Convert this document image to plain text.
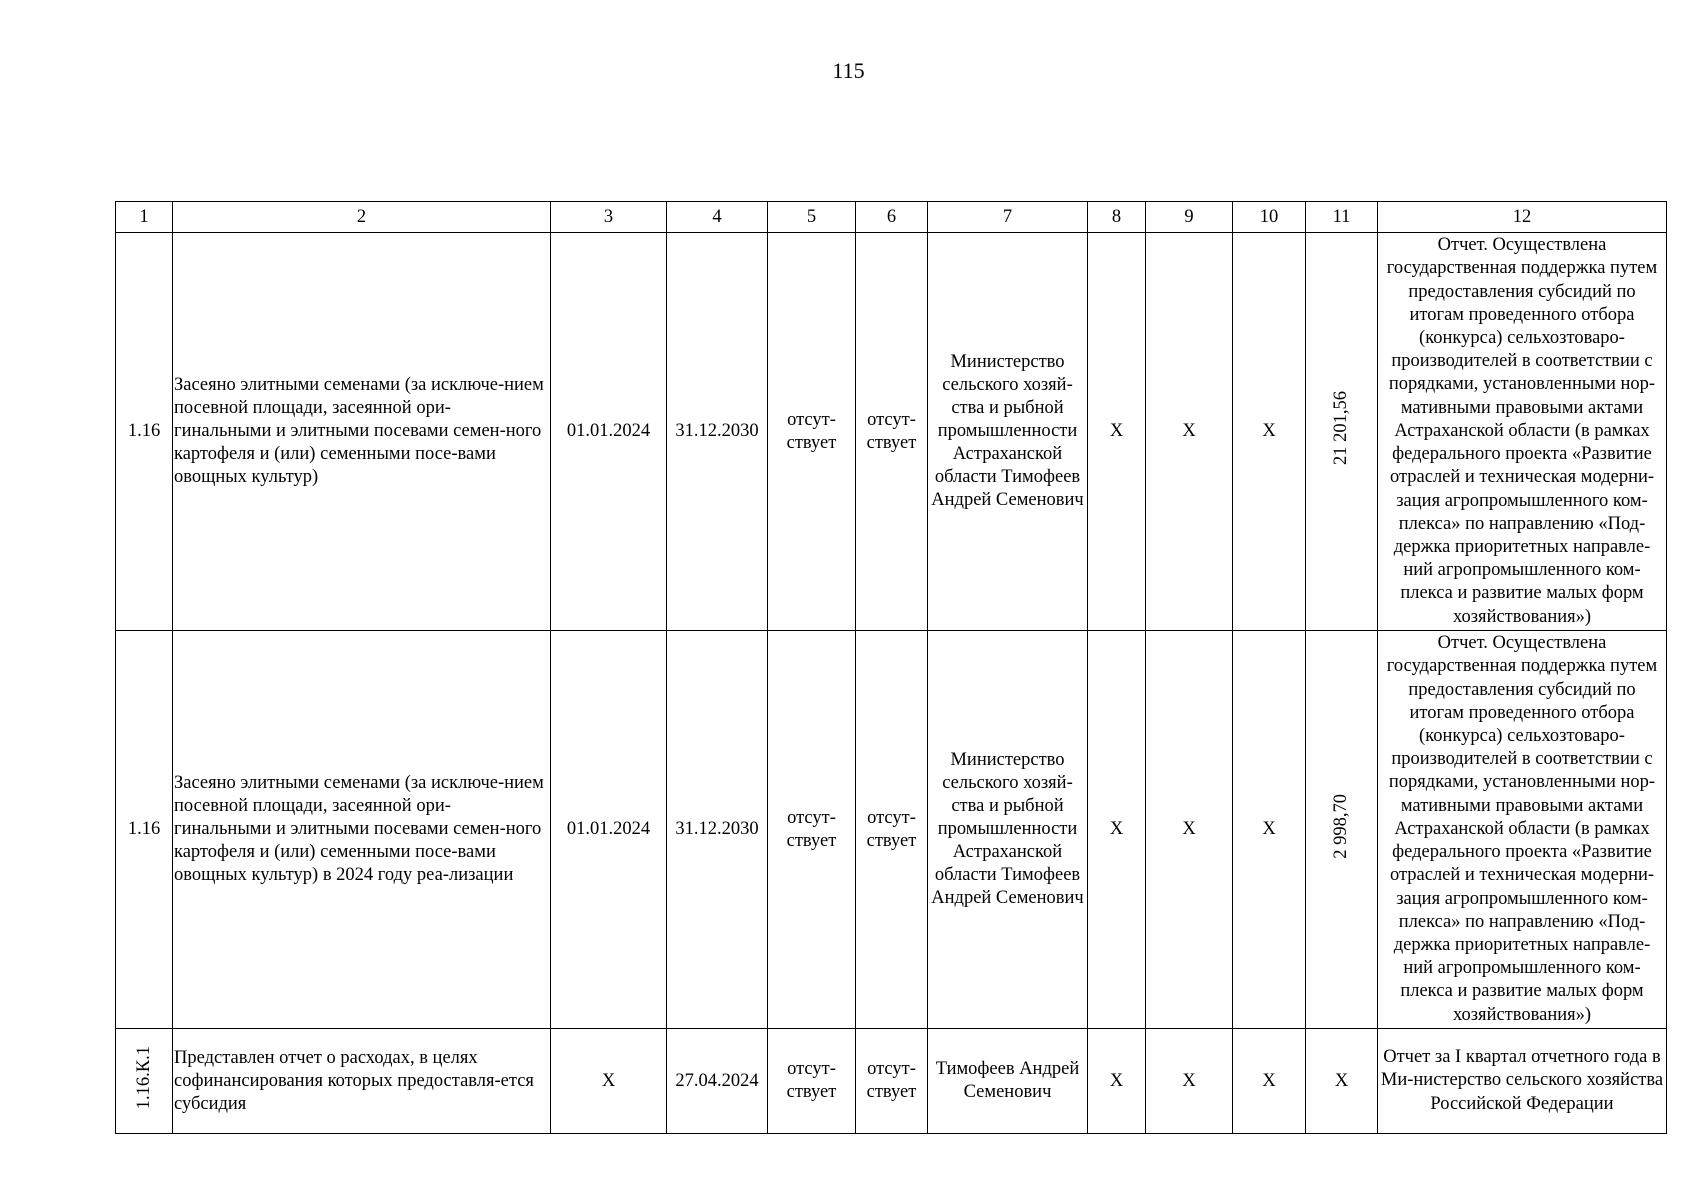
115
1	2	3	4	5	6	7	8	9	10	11	12
1.16	Засеяно элитными семенами (за исключе-нием посевной площади, засеянной ори-гинальными и элитными посевами семен-ного картофеля и (или) семенными посе-вами овощных культур)	01.01.2024	31.12.2030	отсут-ствует	отсут-ствует	Министерство сельского хозяй-ства и рыбной промышленности Астраханской области Тимофеев Андрей Семенович	X	X	X	21 201,56	Отчет. Осуществлена государственная поддержка путем предоставления субсидий по итогам проведенного отбора (конкурса) сельхозтоваро-производителей в соответствии с порядками, установленными нор-мативными правовыми актами Астраханской области (в рамках федерального проекта «Развитие отраслей и техническая модерни-зация агропромышленного ком-плекса» по направлению «Под-держка приоритетных направле-ний агропромышленного ком-плекса и развитие малых форм хозяйствования»)
1.16	Засеяно элитными семенами (за исключе-нием посевной площади, засеянной ори-гинальными и элитными посевами семен-ного картофеля и (или) семенными посе-вами овощных культур) в 2024 году реа-лизации	01.01.2024	31.12.2030	отсут-ствует	отсут-ствует	Министерство сельского хозяй-ства и рыбной промышленности Астраханской области Тимофеев Андрей Семенович	X	X	X	2 998,70	Отчет. Осуществлена государственная поддержка путем предоставления субсидий по итогам проведенного отбора (конкурса) сельхозтоваро-производителей в соответствии с порядками, установленными нор-мативными правовыми актами Астраханской области (в рамках федерального проекта «Развитие отраслей и техническая модерни-зация агропромышленного ком-плекса» по направлению «Под-держка приоритетных направле-ний агропромышленного ком-плекса и развитие малых форм хозяйствования»)
1.16.К.1	Представлен отчет о расходах, в целях софинансирования которых предоставля-ется субсидия	X	27.04.2024	отсут-ствует	отсут-ствует	Тимофеев Андрей Семенович	X	X	X	X	Отчет за I квартал отчетного года в Ми-нистерство сельского хозяйства Российской Федерации
